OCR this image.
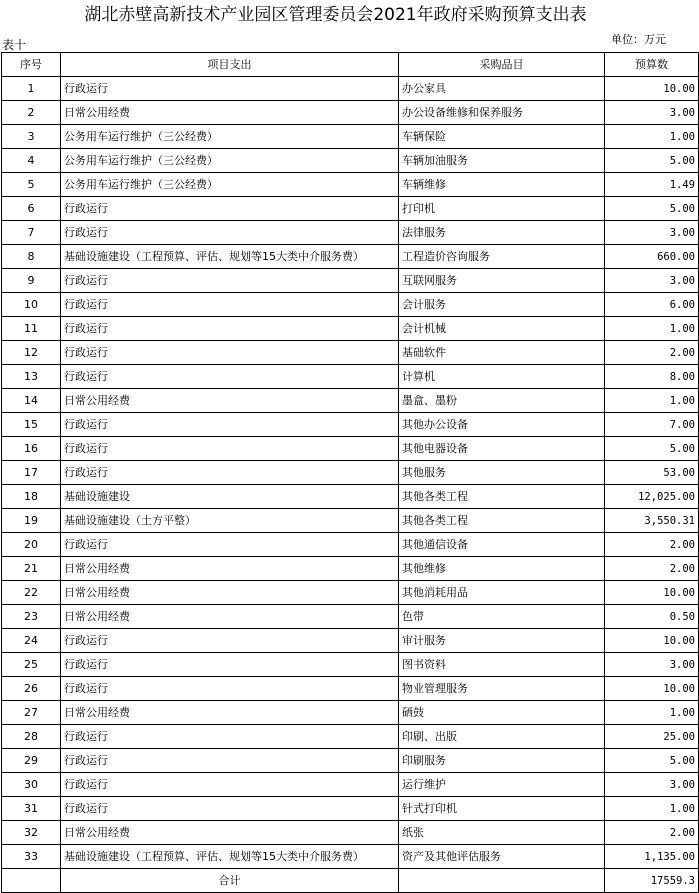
湖北赤壁高新技术产业园区管理委员会2021年政府采购预算支出表
表十	单位：万元
序号	项目支出	采购品目	预算数
1	行政运行	办公家具	10.00
2	日常公用经费	办公设备维修和保养服务	3.00
3	公务用车运行维护（三公经费）	车辆保险	1.00
4	公务用车运行维护（三公经费）	车辆加油服务	5.00
5	公务用车运行维护（三公经费）	车辆维修	1.49
6	行政运行	打印机	5.00
7	行政运行	法律服务	3.00
8	基础设施建设（工程预算、评估、规划等15大类中介服务费）	工程造价咨询服务	660.00
9	行政运行	互联网服务	3.00
10	行政运行	会计服务	6.00
11	行政运行	会计机械	1.00
12	行政运行	基础软件	2.00
13	行政运行	计算机	8.00
14	日常公用经费	墨盒、墨粉	1.00
15	行政运行	其他办公设备	7.00
16	行政运行	其他电器设备	5.00
17	行政运行	其他服务	53.00
18	基础设施建设	其他各类工程	12,025.00
19	基础设施建设（土方平整）	其他各类工程	3,550.31
20	行政运行	其他通信设备	2.00
21	日常公用经费	其他维修	2.00
22	日常公用经费	其他消耗用品	10.00
23	日常公用经费	色带	0.50
24	行政运行	审计服务	10.00
25	行政运行	图书资料	3.00
26	行政运行	物业管理服务	10.00
27	日常公用经费	硒鼓	1.00
28	行政运行	印刷、出版	25.00
29	行政运行	印刷服务	5.00
30	行政运行	运行维护	3.00
31	行政运行	针式打印机	1.00
32	日常公用经费	纸张	2.00
33	基础设施建设（工程预算、评估、规划等15大类中介服务费）	资产及其他评估服务	1,135.00
	合计		17559.3
